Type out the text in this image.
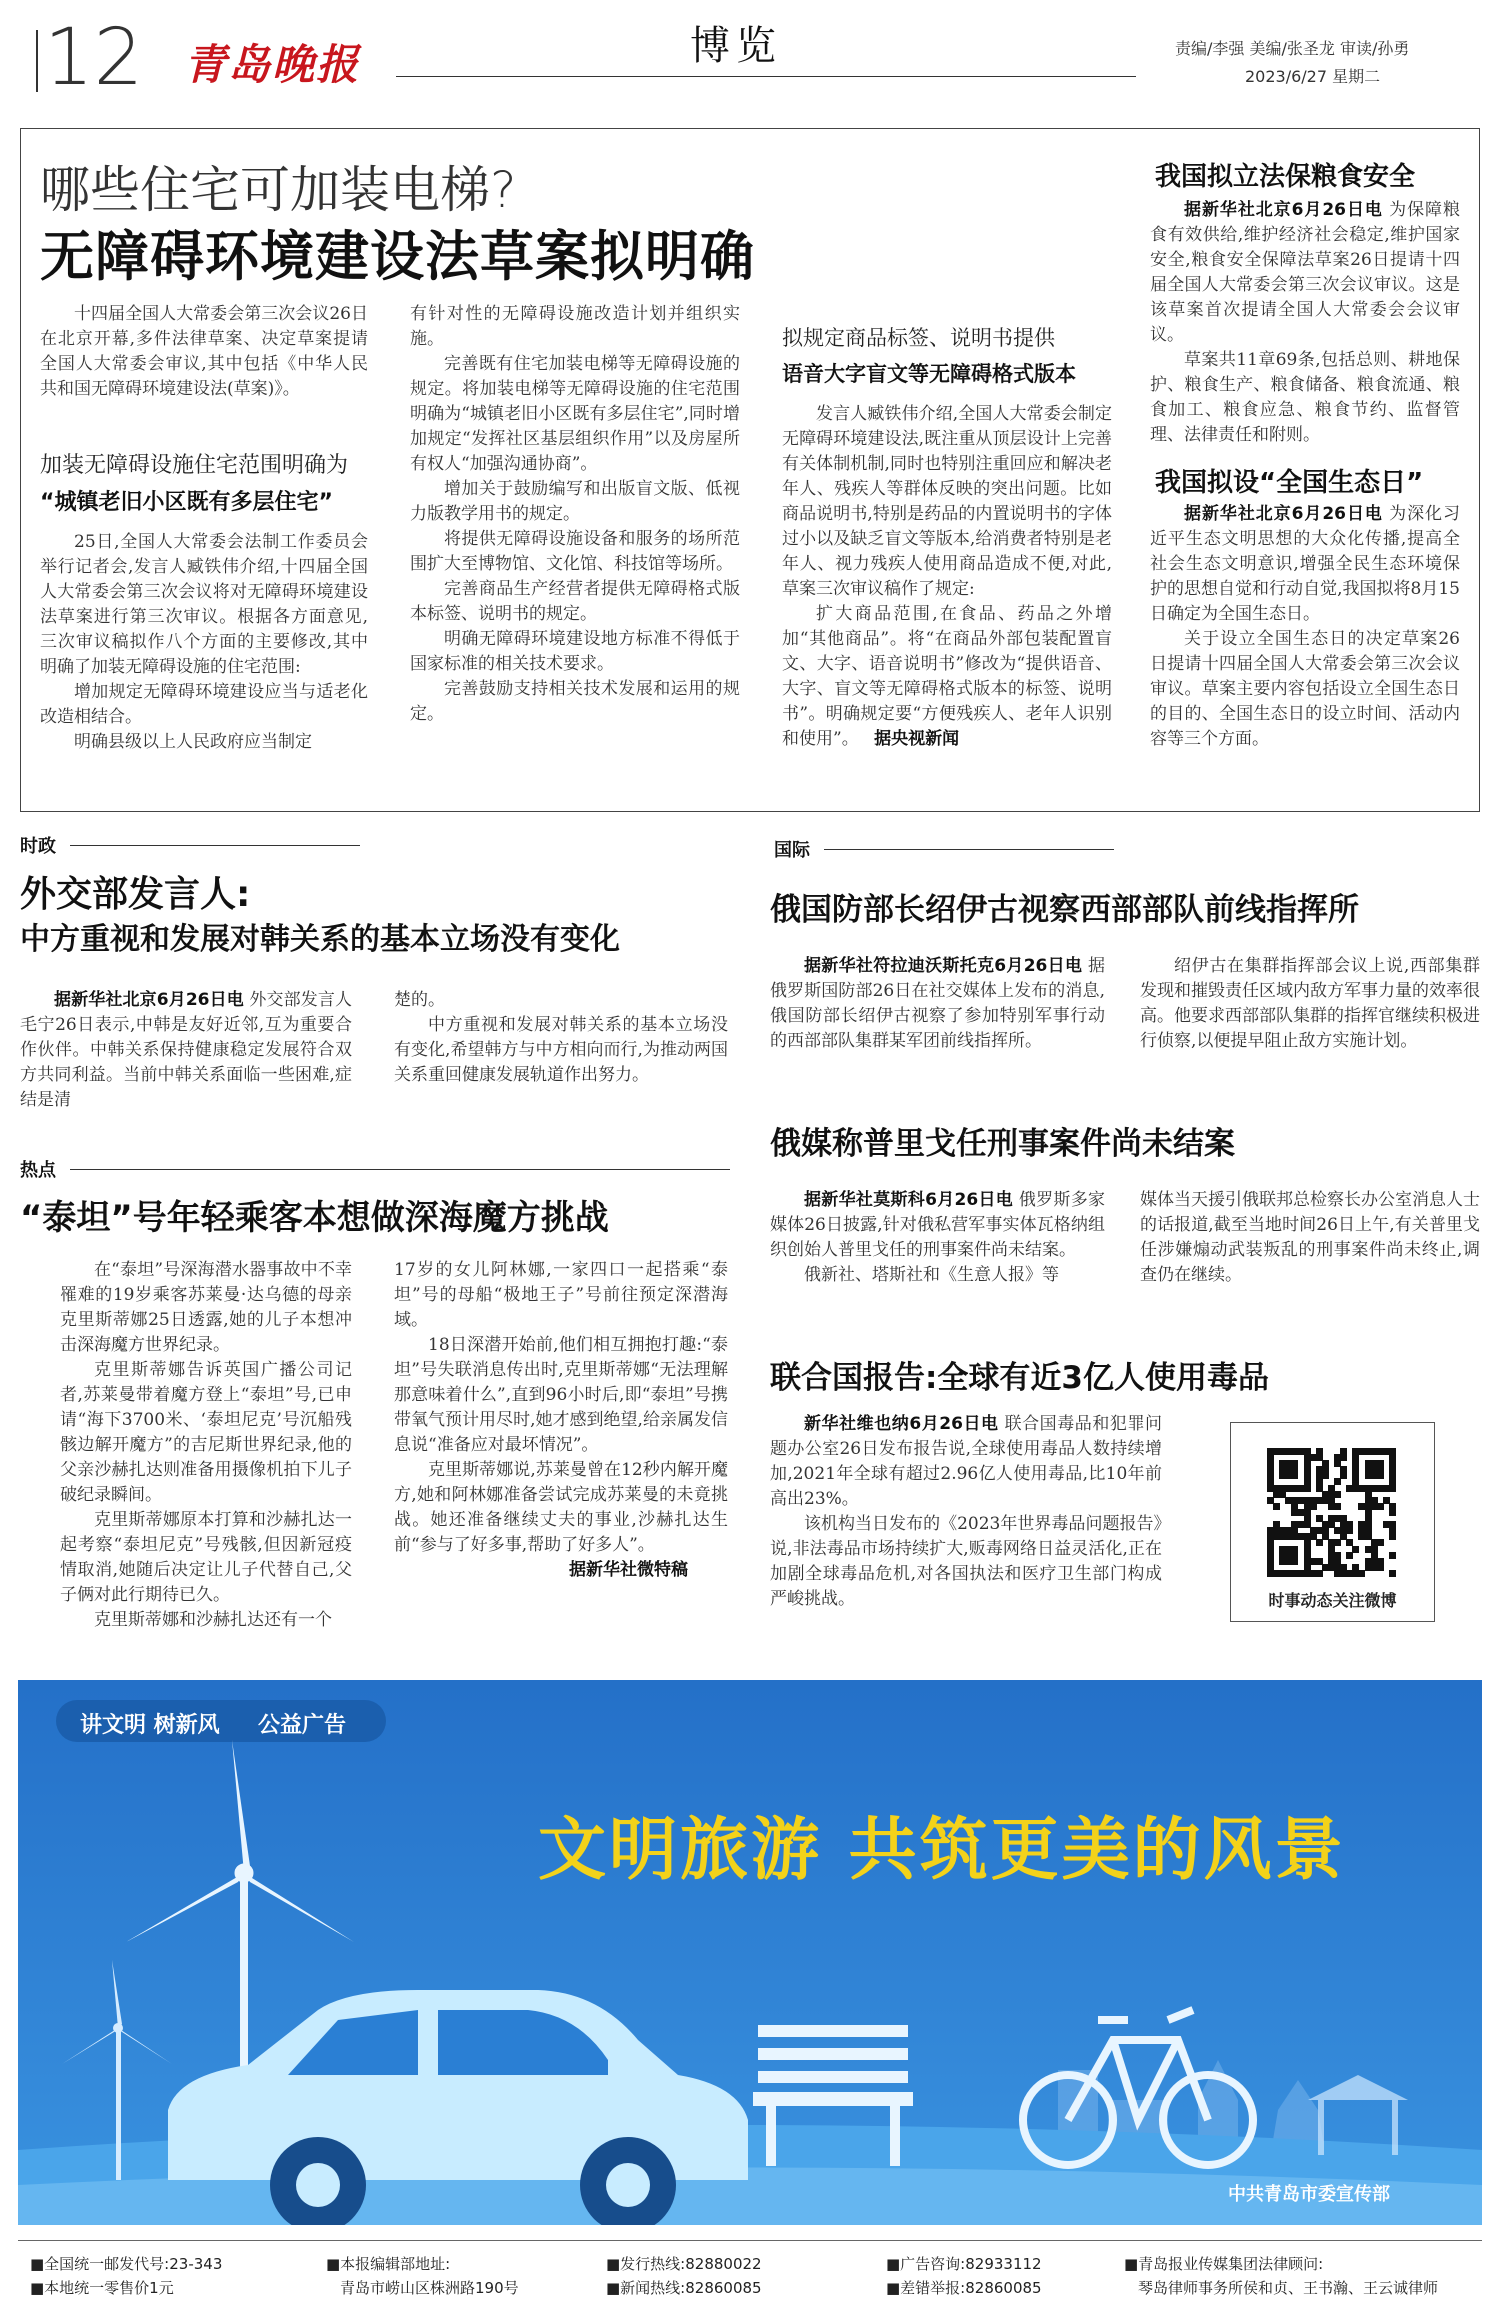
12 青岛晚报	博览	责编/李强 美编/张圣龙 审读/孙勇
2023/6/27 星期二
哪些住宅可加装电梯?
无障碍环境建设法草案拟明确

十四届全国人大常委会第三次会议26日在北京开幕,多件法律草案、决定草案提请全国人大常委会审议,其中包括《中华人民共和国无障碍环境建设法(草案)》。

加装无障碍设施住宅范围明确为
“城镇老旧小区既有多层住宅”

25日,全国人大常委会法制工作委员会举行记者会,发言人臧铁伟介绍,十四届全国人大常委会第三次会议将对无障碍环境建设法草案进行第三次审议。根据各方面意见,三次审议稿拟作八个方面的主要修改,其中明确了加装无障碍设施的住宅范围:

增加规定无障碍环境建设应当与适老化改造相结合。

明确县级以上人民政府应当制定

有针对性的无障碍设施改造计划并组织实施。

完善既有住宅加装电梯等无障碍设施的规定。将加装电梯等无障碍设施的住宅范围明确为“城镇老旧小区既有多层住宅”,同时增加规定“发挥社区基层组织作用”以及房屋所有权人“加强沟通协商”。

增加关于鼓励编写和出版盲文版、低视力版教学用书的规定。

将提供无障碍设施设备和服务的场所范围扩大至博物馆、文化馆、科技馆等场所。

完善商品生产经营者提供无障碍格式版本标签、说明书的规定。

明确无障碍环境建设地方标准不得低于国家标准的相关技术要求。

完善鼓励支持相关技术发展和运用的规定。

拟规定商品标签、说明书提供
语音大字盲文等无障碍格式版本

发言人臧铁伟介绍,全国人大常委会制定无障碍环境建设法,既注重从顶层设计上完善有关体制机制,同时也特别注重回应和解决老年人、残疾人等群体反映的突出问题。比如商品说明书,特别是药品的内置说明书的字体过小以及缺乏盲文等版本,给消费者特别是老年人、视力残疾人使用商品造成不便,对此,草案三次审议稿作了规定:

扩大商品范围,在食品、药品之外增加“其他商品”。将“在商品外部包装配置盲文、大字、语音说明书”修改为“提供语音、大字、盲文等无障碍格式版本的标签、说明书”。明确规定要“方便残疾人、老年人识别和使用”。 据央视新闻

我国拟立法保粮食安全

据新华社北京6月26日电 为保障粮食有效供给,维护经济社会稳定,维护国家安全,粮食安全保障法草案26日提请十四届全国人大常委会第三次会议审议。这是该草案首次提请全国人大常委会会议审议。

草案共11章69条,包括总则、耕地保护、粮食生产、粮食储备、粮食流通、粮食加工、粮食应急、粮食节约、监督管理、法律责任和附则。

我国拟设“全国生态日”

据新华社北京6月26日电 为深化习近平生态文明思想的大众化传播,提高全社会生态文明意识,增强全民生态环境保护的思想自觉和行动自觉,我国拟将8月15日确定为全国生态日。

关于设立全国生态日的决定草案26日提请十四届全国人大常委会第三次会议审议。草案主要内容包括设立全国生态日的目的、全国生态日的设立时间、活动内容等三个方面。

时政
外交部发言人:
中方重视和发展对韩关系的基本立场没有变化

据新华社北京6月26日电 外交部发言人毛宁26日表示,中韩是友好近邻,互为重要合作伙伴。中韩关系保持健康稳定发展符合双方共同利益。当前中韩关系面临一些困难,症结是清

楚的。

中方重视和发展对韩关系的基本立场没有变化,希望韩方与中方相向而行,为推动两国关系重回健康发展轨道作出努力。

热点
“泰坦”号年轻乘客本想做深海魔方挑战

在“泰坦”号深海潜水器事故中不幸罹难的19岁乘客苏莱曼·达乌德的母亲克里斯蒂娜25日透露,她的儿子本想冲击深海魔方世界纪录。

克里斯蒂娜告诉英国广播公司记者,苏莱曼带着魔方登上“泰坦”号,已申请“海下3700米、‘泰坦尼克’号沉船残骸边解开魔方”的吉尼斯世界纪录,他的父亲沙赫扎达则准备用摄像机拍下儿子破纪录瞬间。

克里斯蒂娜原本打算和沙赫扎达一起考察“泰坦尼克”号残骸,但因新冠疫情取消,她随后决定让儿子代替自己,父子俩对此行期待已久。

克里斯蒂娜和沙赫扎达还有一个

17岁的女儿阿林娜,一家四口一起搭乘“泰坦”号的母船“极地王子”号前往预定深潜海域。

18日深潜开始前,他们相互拥抱打趣:“泰坦”号失联消息传出时,克里斯蒂娜“无法理解那意味着什么”,直到96小时后,即“泰坦”号携带氧气预计用尽时,她才感到绝望,给亲属发信息说“准备应对最坏情况”。

克里斯蒂娜说,苏莱曼曾在12秒内解开魔方,她和阿林娜准备尝试完成苏莱曼的未竟挑战。她还准备继续丈夫的事业,沙赫扎达生前“参与了好多事,帮助了好多人”。

据新华社微特稿

国际
俄国防部长绍伊古视察西部部队前线指挥所

据新华社符拉迪沃斯托克6月26日电 据俄罗斯国防部26日在社交媒体上发布的消息,俄国防部长绍伊古视察了参加特别军事行动的西部部队集群某军团前线指挥所。

绍伊古在集群指挥部会议上说,西部集群发现和摧毁责任区域内敌方军事力量的效率很高。他要求西部部队集群的指挥官继续积极进行侦察,以便提早阻止敌方实施计划。

俄媒称普里戈任刑事案件尚未结案

据新华社莫斯科6月26日电 俄罗斯多家媒体26日披露,针对俄私营军事实体瓦格纳组织创始人普里戈任的刑事案件尚未结案。

俄新社、塔斯社和《生意人报》等

媒体当天援引俄联邦总检察长办公室消息人士的话报道,截至当地时间26日上午,有关普里戈任涉嫌煽动武装叛乱的刑事案件尚未终止,调查仍在继续。

联合国报告:全球有近3亿人使用毒品

新华社维也纳6月26日电 联合国毒品和犯罪问题办公室26日发布报告说,全球使用毒品人数持续增加,2021年全球有超过2.96亿人使用毒品,比10年前高出23%。

该机构当日发布的《2023年世界毒品问题报告》说,非法毒品市场持续扩大,贩毒网络日益灵活化,正在加剧全球毒品危机,对各国执法和医疗卫生部门构成严峻挑战。	时事动态关注微博
讲文明 树新风 公益广告
文明旅游 共筑更美的风景
中共青岛市委宣传部
■全国统一邮发代号:23-343
■本地统一零售价1元
■本报编辑部地址:
青岛市崂山区株洲路190号
■发行热线:82880022
■新闻热线:82860085
■广告咨询:82933112
■差错举报:82860085
■青岛报业传媒集团法律顾问:
琴岛律师事务所侯和贞、王书瀚、王云诚律师
